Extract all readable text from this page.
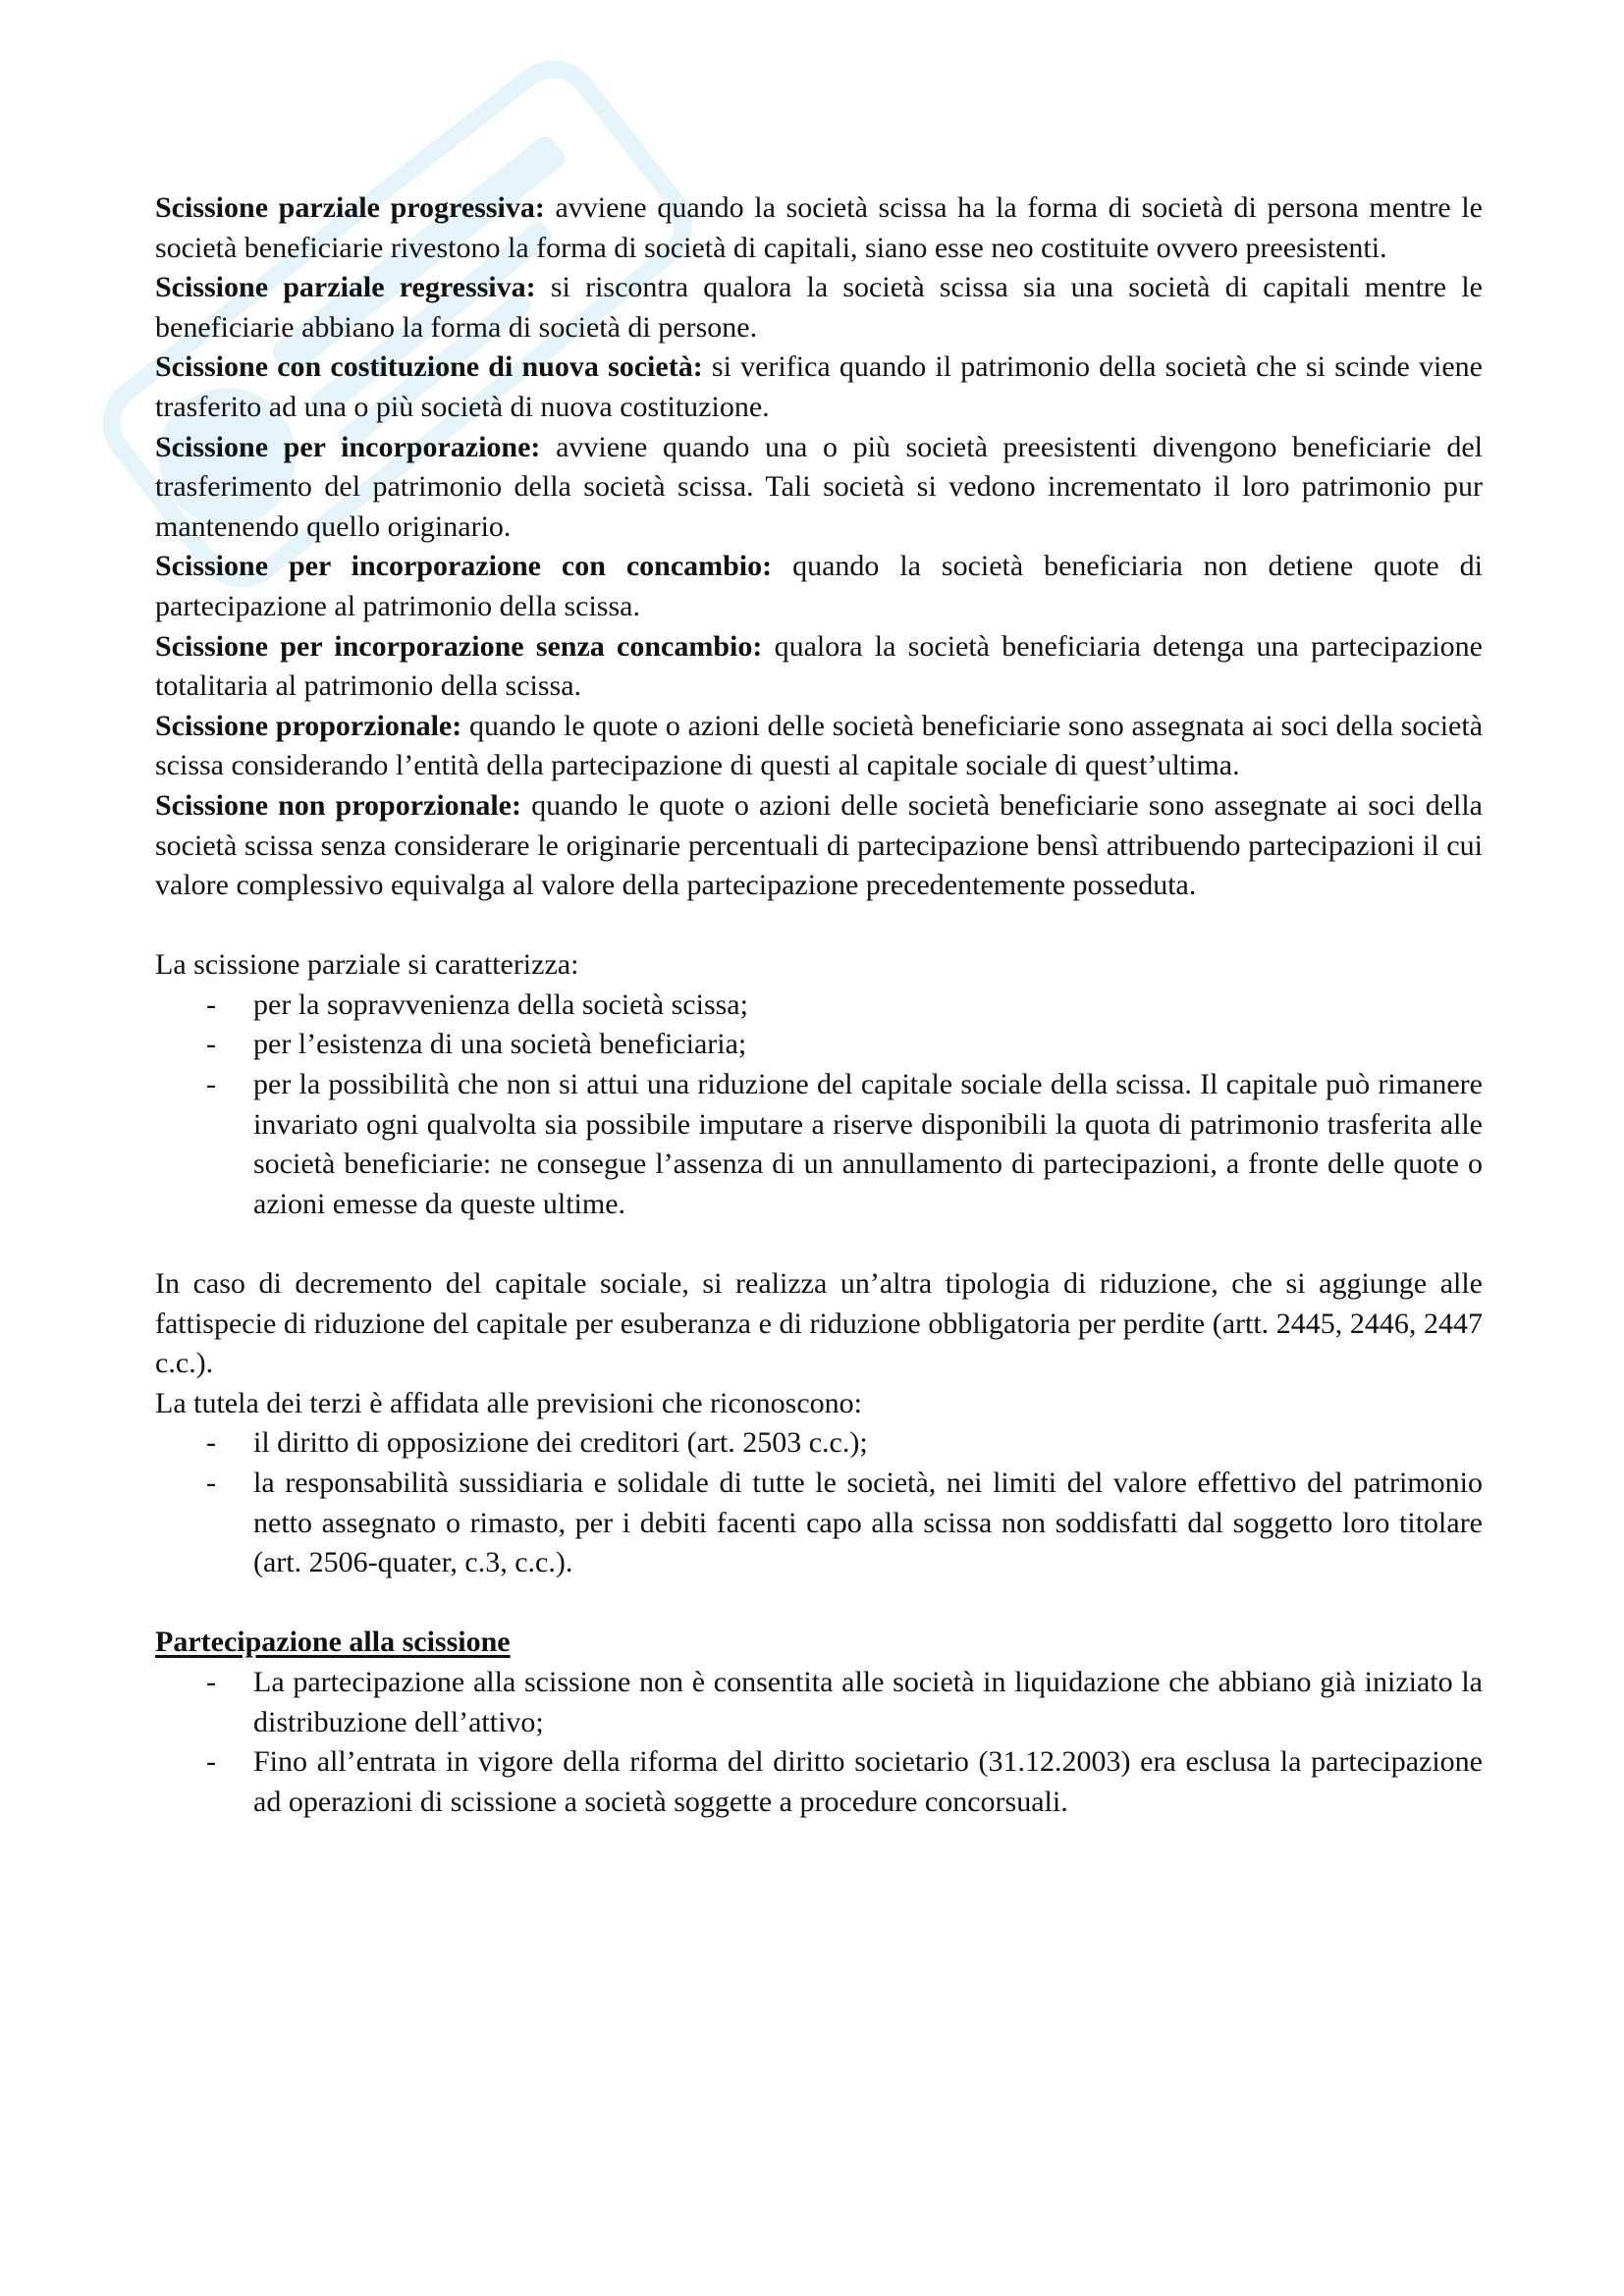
Scissione parziale progressiva: avviene quando la società scissa ha la forma di società di persona mentre le società beneficiarie rivestono la forma di società di capitali, siano esse neo costituite ovvero preesistenti.

Scissione parziale regressiva: si riscontra qualora la società scissa sia una società di capitali mentre le beneficiarie abbiano la forma di società di persone.

Scissione con costituzione di nuova società: si verifica quando il patrimonio della società che si scinde viene trasferito ad una o più società di nuova costituzione.

Scissione per incorporazione: avviene quando una o più società preesistenti divengono beneficiarie del trasferimento del patrimonio della società scissa. Tali società si vedono incrementato il loro patrimonio pur mantenendo quello originario.

Scissione per incorporazione con concambio: quando la società beneficiaria non detiene quote di partecipazione al patrimonio della scissa.

Scissione per incorporazione senza concambio: qualora la società beneficiaria detenga una partecipazione totalitaria al patrimonio della scissa.

Scissione proporzionale: quando le quote o azioni delle società beneficiarie sono assegnata ai soci della società scissa considerando l’entità della partecipazione di questi al capitale sociale di quest’ultima.

Scissione non proporzionale: quando le quote o azioni delle società beneficiarie sono assegnate ai soci della società scissa senza considerare le originarie percentuali di partecipazione bensì attribuendo partecipazioni il cui valore complessivo equivalga al valore della partecipazione precedentemente posseduta.

La scissione parziale si caratterizza:

- per la sopravvenienza della società scissa;
- per l’esistenza di una società beneficiaria;
- per la possibilità che non si attui una riduzione del capitale sociale della scissa. Il capitale può rimanere invariato ogni qualvolta sia possibile imputare a riserve disponibili la quota di patrimonio trasferita alle società beneficiarie: ne consegue l’assenza di un annullamento di partecipazioni, a fronte delle quote o azioni emesse da queste ultime.

In caso di decremento del capitale sociale, si realizza un’altra tipologia di riduzione, che si aggiunge alle fattispecie di riduzione del capitale per esuberanza e di riduzione obbligatoria per perdite (artt. 2445, 2446, 2447 c.c.).

La tutela dei terzi è affidata alle previsioni che riconoscono:

- il diritto di opposizione dei creditori (art. 2503 c.c.);
- la responsabilità sussidiaria e solidale di tutte le società, nei limiti del valore effettivo del patrimonio netto assegnato o rimasto, per i debiti facenti capo alla scissa non soddisfatti dal soggetto loro titolare (art. 2506-quater, c.3, c.c.).

Partecipazione alla scissione

- La partecipazione alla scissione non è consentita alle società in liquidazione che abbiano già iniziato la distribuzione dell’attivo;
- Fino all’entrata in vigore della riforma del diritto societario (31.12.2003) era esclusa la partecipazione ad operazioni di scissione a società soggette a procedure concorsuali.
